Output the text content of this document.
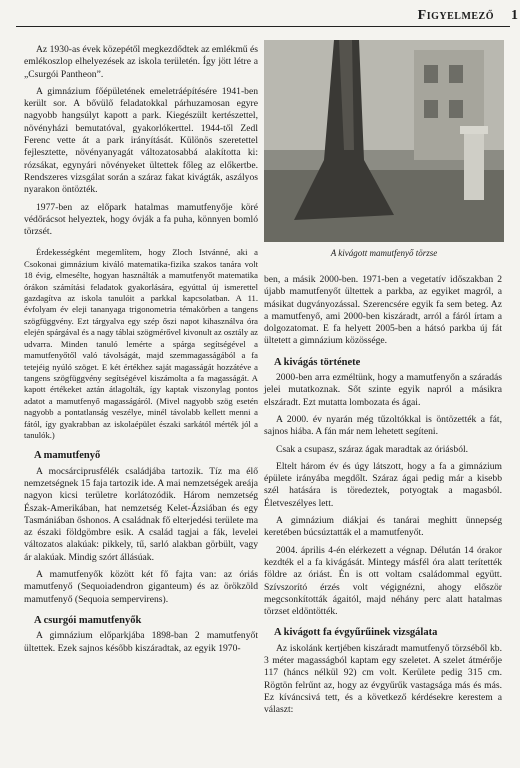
Figyelmező 1

Az 1930-as évek közepétől megkezdődtek az emlékmű és emlékoszlop elhelyezések az iskola területén. Így jött létre a „Csurgói Pantheon”.

A gimnázium főépületének emeletráépítésére 1941-ben került sor. A bővülő feladatokkal párhuzamosan egyre nagyobb hangsúlyt kapott a park. Kiegészült kertészettel, növényházi bemutatóval, gyakorlókerttel. 1944-től Zedl Ferenc vette át a park irányítását. Különös szeretettel fejlesztette, növényanyagát változatosabbá alakította ki: rózsákat, egynyári növényeket ültettek főleg az előkertbe. Rendszeres vizsgálat során a száraz fakat kivágták, aszályos nyarakon öntözték.

1977-ben az előpark hatalmas mamutfenyője köré védőrácsot helyeztek, hogy óvják a fa puha, könnyen bomló törzsét.

Érdekességként megemlítem, hogy Zloch Istvánné, aki a Csokonai gimnázium kiváló matematika-fizika szakos tanára volt 18 évig, elmesélte, hogyan használták a mamutfenyőt matematika órákon számítási feladatok gyakorlására, egyúttal új ismerettel gazdagítva az iskola tanulóit a parkkal kapcsolatban. A 11. évfolyam év eleji tananyaga trigonometria témakörben a tangens szögfüggvény. Ezt tárgyalva egy szép őszi napot kihasználva óra elején spárgával és a nagy táblai szögmérővel kivonult az osztály az udvarra. Minden tanuló lemérte a spárga segítségével a mamutfenyőtől való távolságát, majd szemmagasságából a fa tetejéig nyúló szöget. E két értékhez saját magasságát hozzátéve a tangens szögfüggvény segítségével kiszámolta a fa magasságát. A kapott értékeket aztán átlagolták, így kaptak viszonylag pontos adatot a mamutfenyő magasságáról. (Mivel nagyobb szög esetén nagyobb a pontatlanság veszélye, minél távolabb kellett menni a fától, így gyakrabban az iskolaépület északi sarkától mérték jól a tanulók.)

A mamutfenyő

A mocsárciprusfélék családjába tartozik. Tíz ma élő nemzetségnek 15 faja tartozik ide. A mai nemzetségek areája nagyon kicsi területre korlátozódik. Három nemzetség Észak-Amerikában, hat nemzetség Kelet-Ázsiában és egy Tasmániában őshonos. A családnak fő elterjedési területe ma az északi földgömbre esik. A család tagjai a fák, levelei változatos alakúak: pikkely, tű, sarló alakban görbült, vagy ár alakúak. Mindig szórt állásúak.

A mamutfenyők között két fő fajta van: az óriás mamutfenyő (Sequoiadendron giganteum) és az örökzöld mamutfenyő (Sequoia sempervirens).

A csurgói mamutfenyők

A gimnázium előparkjába 1898-ban 2 mamutfenyőt ültettek. Ezek sajnos később kiszáradtak, az egyik 1970-

A kivágott mamutfenyő törzse

ben, a másik 2000-ben. 1971-ben a vegetatív időszakban 2 újabb mamutfenyőt ültettek a parkba, az egyiket magról, a másikat dugványozással. Szerencsére egyik fa sem beteg. Az a mamutfenyő, ami 2000-ben kiszáradt, arról a fáról írtam a dolgozatomat. E fa helyett 2005-ben a hátsó parkba új fát ültetett a gimnázium közössége.

A kivágás története

2000-ben arra ezméltünk, hogy a mamutfenyőn a száradás jelei mutatkoznak. Sőt szinte egyik napról a másikra elszáradt. Ezt mutatta lombozata és ágai.

A 2000. év nyarán még tűzoltókkal is öntözették a fát, sajnos hiába. A fán már nem lehetett segíteni.

Csak a csupasz, száraz ágak maradtak az óriásból.

Eltelt három év és úgy látszott, hogy a fa a gimnázium épülete irányába megdőlt. Száraz ágai pedig már a kisebb szél hatására is töredeztek, potyogtak a magasból. Életveszélyes lett.

A gimnázium diákjai és tanárai meghitt ünnepség keretében búcsúztatták el a mamutfenyőt.

2004. április 4-én elérkezett a végnap. Délután 14 órakor kezdték el a fa kivágását. Mintegy másfél óra alatt terítették földre az óriást. Én is ott voltam családommal együtt. Szívszorító érzés volt végignézni, ahogy először megcsonkították ágaitól, majd néhány perc alatt hatalmas törzset eldöntötték.

A kivágott fa évgyűrűinek vizsgálata

Az iskolánk kertjében kiszáradt mamutfenyő törzséből kb. 3 méter magasságból kaptam egy szeletet. A szelet átmérője 117 (háncs nélkül 92) cm volt. Kerülete pedig 315 cm. Rögtön felrűnt az, hogy az évgyűrűk vastagsága más és más. Ez kíváncsivá tett, és a következő kérdésekre kerestem a választ:
